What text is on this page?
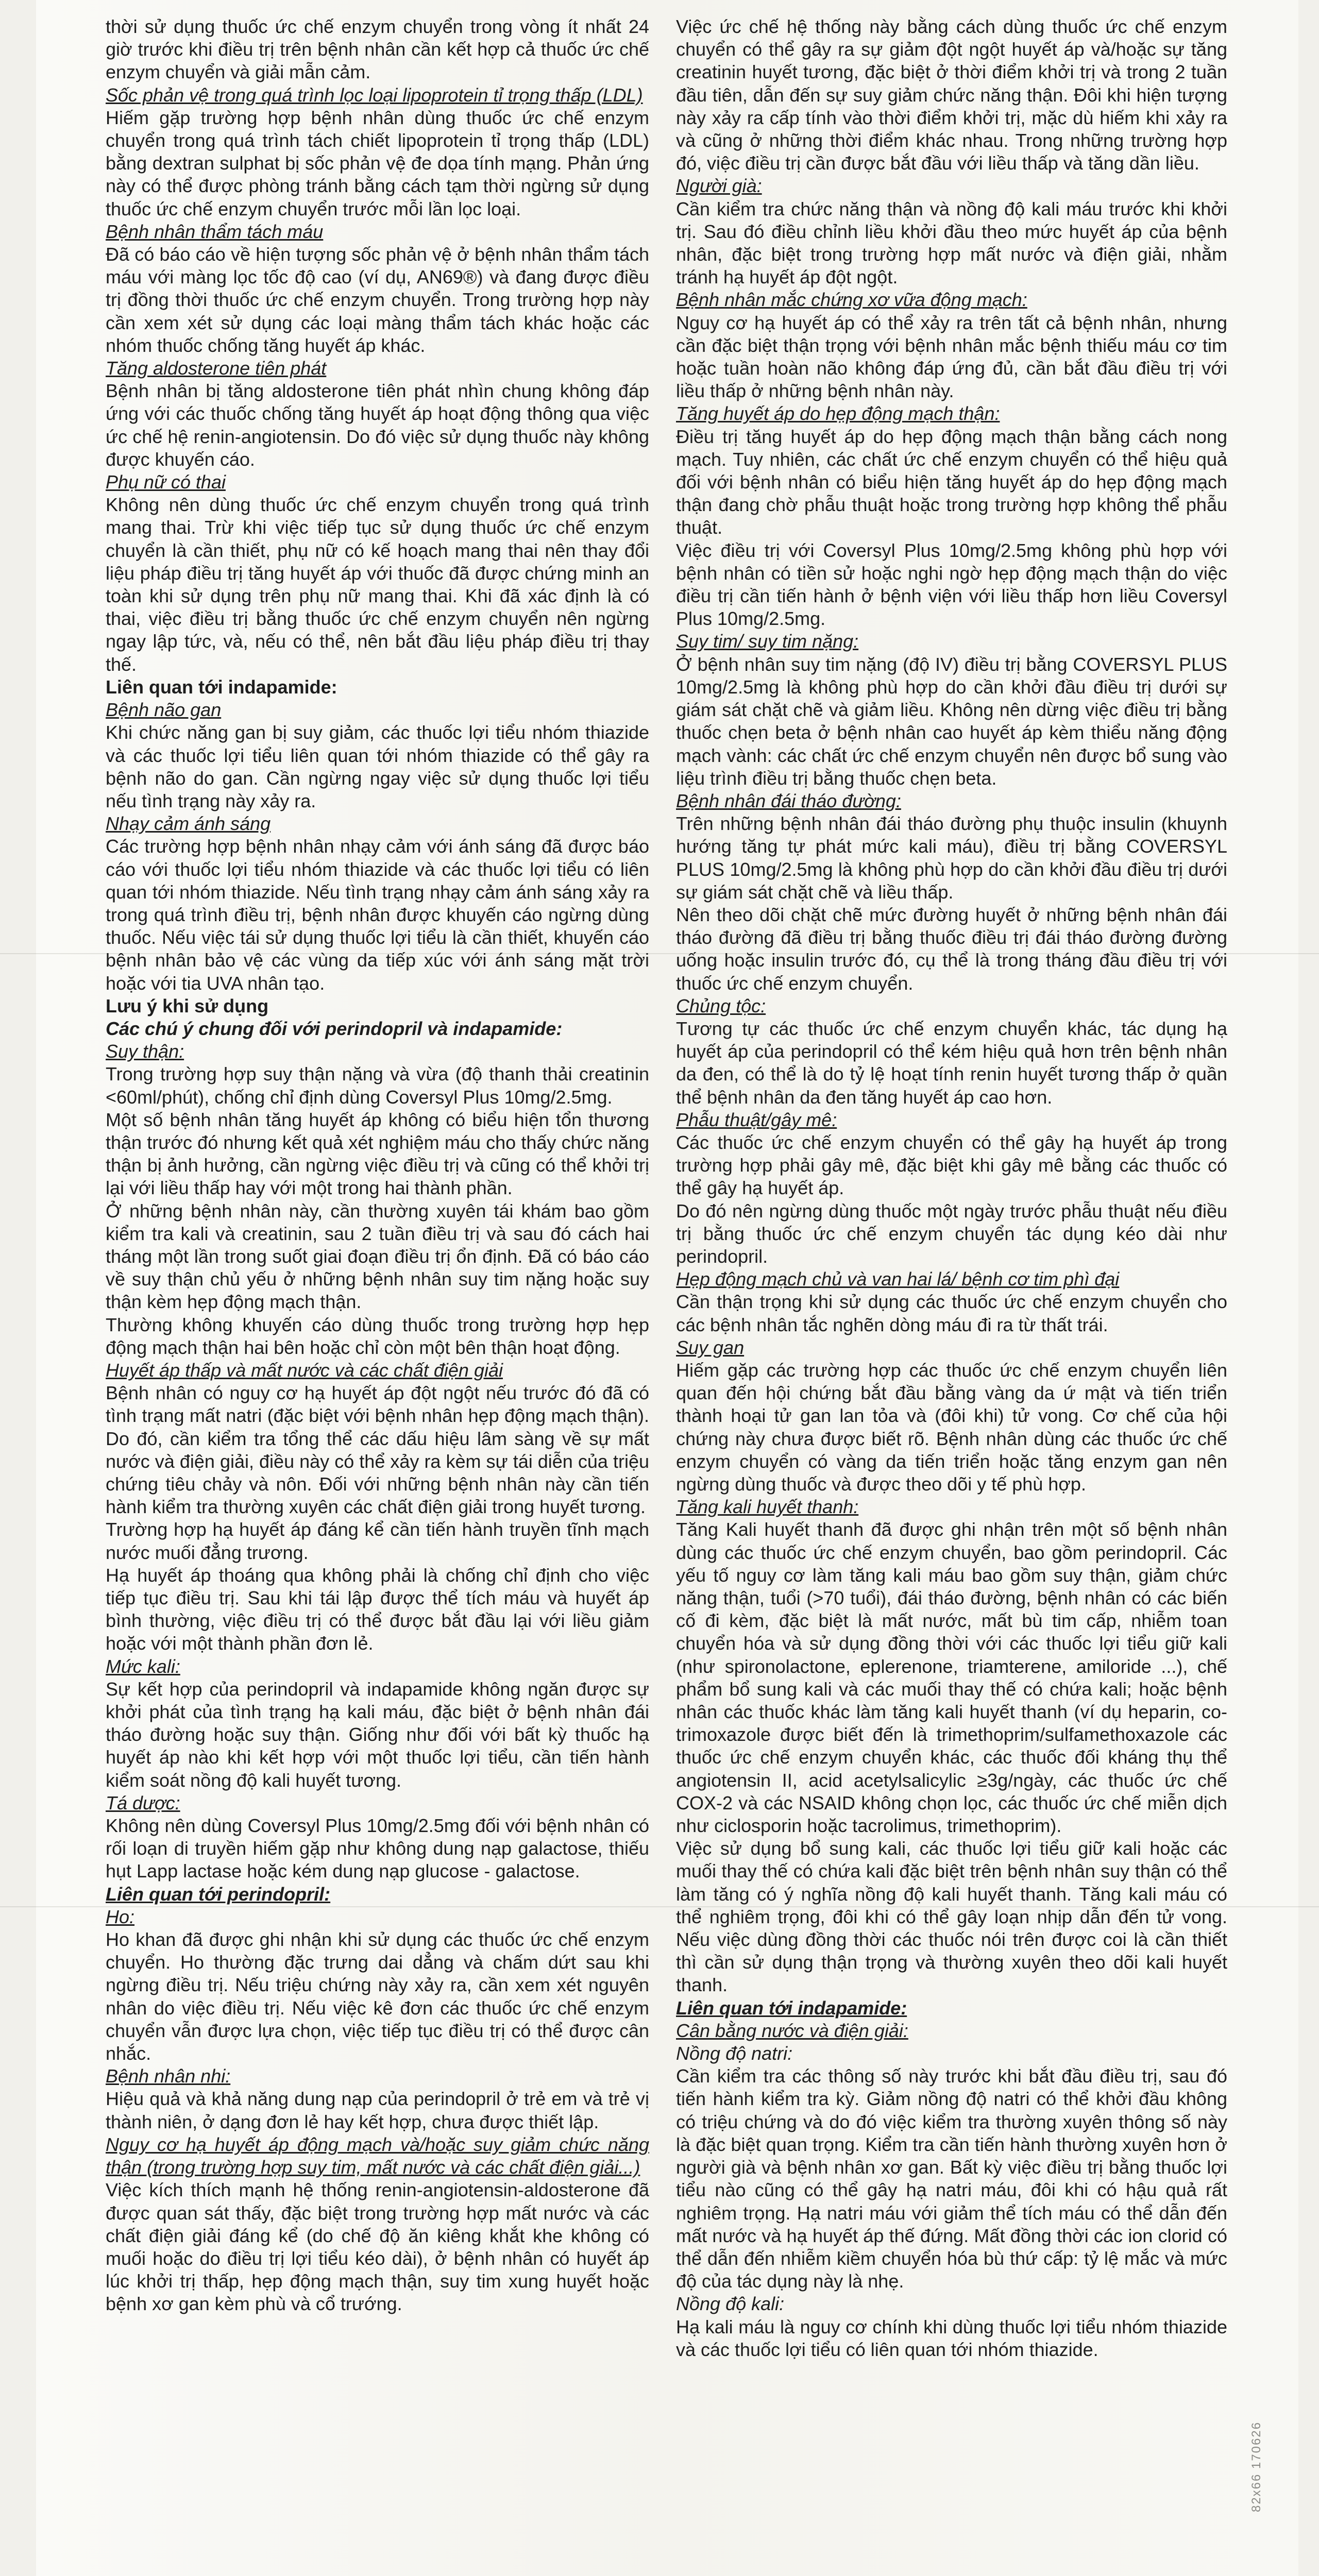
thời sử dụng thuốc ức chế enzym chuyển trong vòng ít nhất 24 giờ trước khi điều trị trên bệnh nhân cần kết hợp cả thuốc ức chế enzym chuyển và giải mẫn cảm.

Sốc phản vệ trong quá trình lọc loại lipoprotein tỉ trọng thấp (LDL)

Hiếm gặp trường hợp bệnh nhân dùng thuốc ức chế enzym chuyển trong quá trình tách chiết lipoprotein tỉ trọng thấp (LDL) bằng dextran sulphat bị sốc phản vệ đe dọa tính mạng. Phản ứng này có thể được phòng tránh bằng cách tạm thời ngừng sử dụng thuốc ức chế enzym chuyển trước mỗi lần lọc loại.

Bệnh nhân thẩm tách máu

Đã có báo cáo về hiện tượng sốc phản vệ ở bệnh nhân thẩm tách máu với màng lọc tốc độ cao (ví dụ, AN69®) và đang được điều trị đồng thời thuốc ức chế enzym chuyển. Trong trường hợp này cần xem xét sử dụng các loại màng thẩm tách khác hoặc các nhóm thuốc chống tăng huyết áp khác.

Tăng aldosterone tiên phát

Bệnh nhân bị tăng aldosterone tiên phát nhìn chung không đáp ứng với các thuốc chống tăng huyết áp hoạt động thông qua việc ức chế hệ renin-angiotensin. Do đó việc sử dụng thuốc này không được khuyến cáo.

Phụ nữ có thai

Không nên dùng thuốc ức chế enzym chuyển trong quá trình mang thai. Trừ khi việc tiếp tục sử dụng thuốc ức chế enzym chuyển là cần thiết, phụ nữ có kế hoạch mang thai nên thay đổi liệu pháp điều trị tăng huyết áp với thuốc đã được chứng minh an toàn khi sử dụng trên phụ nữ mang thai. Khi đã xác định là có thai, việc điều trị bằng thuốc ức chế enzym chuyển nên ngừng ngay lập tức, và, nếu có thể, nên bắt đầu liệu pháp điều trị thay thế.

Liên quan tới indapamide:

Bệnh não gan

Khi chức năng gan bị suy giảm, các thuốc lợi tiểu nhóm thiazide và các thuốc lợi tiểu liên quan tới nhóm thiazide có thể gây ra bệnh não do gan. Cần ngừng ngay việc sử dụng thuốc lợi tiểu nếu tình trạng này xảy ra.

Nhạy cảm ánh sáng

Các trường hợp bệnh nhân nhạy cảm với ánh sáng đã được báo cáo với thuốc lợi tiểu nhóm thiazide và các thuốc lợi tiểu có liên quan tới nhóm thiazide. Nếu tình trạng nhạy cảm ánh sáng xảy ra trong quá trình điều trị, bệnh nhân được khuyến cáo ngừng dùng thuốc. Nếu việc tái sử dụng thuốc lợi tiểu là cần thiết, khuyến cáo bệnh nhân bảo vệ các vùng da tiếp xúc với ánh sáng mặt trời hoặc với tia UVA nhân tạo.

Lưu ý khi sử dụng

Các chú ý chung đối với perindopril và indapamide:

Suy thận:

Trong trường hợp suy thận nặng và vừa (độ thanh thải creatinin <60ml/phút), chống chỉ định dùng Coversyl Plus 10mg/2.5mg.

Một số bệnh nhân tăng huyết áp không có biểu hiện tổn thương thận trước đó nhưng kết quả xét nghiệm máu cho thấy chức năng thận bị ảnh hưởng, cần ngừng việc điều trị và cũng có thể khởi trị lại với liều thấp hay với một trong hai thành phần.

Ở những bệnh nhân này, cần thường xuyên tái khám bao gồm kiểm tra kali và creatinin, sau 2 tuần điều trị và sau đó cách hai tháng một lần trong suốt giai đoạn điều trị ổn định. Đã có báo cáo về suy thận chủ yếu ở những bệnh nhân suy tim nặng hoặc suy thận kèm hẹp động mạch thận.

Thường không khuyến cáo dùng thuốc trong trường hợp hẹp động mạch thận hai bên hoặc chỉ còn một bên thận hoạt động.

Huyết áp thấp và mất nước và các chất điện giải

Bệnh nhân có nguy cơ hạ huyết áp đột ngột nếu trước đó đã có tình trạng mất natri (đặc biệt với bệnh nhân hẹp động mạch thận). Do đó, cần kiểm tra tổng thể các dấu hiệu lâm sàng về sự mất nước và điện giải, điều này có thể xảy ra kèm sự tái diễn của triệu chứng tiêu chảy và nôn. Đối với những bệnh nhân này cần tiến hành kiểm tra thường xuyên các chất điện giải trong huyết tương.

Trường hợp hạ huyết áp đáng kể cần tiến hành truyền tĩnh mạch nước muối đẳng trương.

Hạ huyết áp thoáng qua không phải là chống chỉ định cho việc tiếp tục điều trị. Sau khi tái lập được thể tích máu và huyết áp bình thường, việc điều trị có thể được bắt đầu lại với liều giảm hoặc với một thành phần đơn lẻ.

Mức kali:

Sự kết hợp của perindopril và indapamide không ngăn được sự khởi phát của tình trạng hạ kali máu, đặc biệt ở bệnh nhân đái tháo đường hoặc suy thận. Giống như đối với bất kỳ thuốc hạ huyết áp nào khi kết hợp với một thuốc lợi tiểu, cần tiến hành kiểm soát nồng độ kali huyết tương.

Tá dược:

Không nên dùng Coversyl Plus 10mg/2.5mg đối với bệnh nhân có rối loạn di truyền hiếm gặp như không dung nạp galactose, thiếu hụt Lapp lactase hoặc kém dung nạp glucose - galactose.

Liên quan tới perindopril:

Ho:

Ho khan đã được ghi nhận khi sử dụng các thuốc ức chế enzym chuyển. Ho thường đặc trưng dai dẳng và chấm dứt sau khi ngừng điều trị. Nếu triệu chứng này xảy ra, cần xem xét nguyên nhân do việc điều trị. Nếu việc kê đơn các thuốc ức chế enzym chuyển vẫn được lựa chọn, việc tiếp tục điều trị có thể được cân nhắc.

Bệnh nhân nhi:

Hiệu quả và khả năng dung nạp của perindopril ở trẻ em và trẻ vị thành niên, ở dạng đơn lẻ hay kết hợp, chưa được thiết lập.

Nguy cơ hạ huyết áp động mạch và/hoặc suy giảm chức năng thận (trong trường hợp suy tim, mất nước và các chất điện giải...)

Việc kích thích mạnh hệ thống renin-angiotensin-aldosterone đã được quan sát thấy, đặc biệt trong trường hợp mất nước và các chất điện giải đáng kể (do chế độ ăn kiêng khắt khe không có muối hoặc do điều trị lợi tiểu kéo dài), ở bệnh nhân có huyết áp lúc khởi trị thấp, hẹp động mạch thận, suy tim xung huyết hoặc bệnh xơ gan kèm phù và cổ trướng.

Việc ức chế hệ thống này bằng cách dùng thuốc ức chế enzym chuyển có thể gây ra sự giảm đột ngột huyết áp và/hoặc sự tăng creatinin huyết tương, đặc biệt ở thời điểm khởi trị và trong 2 tuần đầu tiên, dẫn đến sự suy giảm chức năng thận. Đôi khi hiện tượng này xảy ra cấp tính vào thời điểm khởi trị, mặc dù hiếm khi xảy ra và cũng ở những thời điểm khác nhau. Trong những trường hợp đó, việc điều trị cần được bắt đầu với liều thấp và tăng dần liều.

Người già:

Cần kiểm tra chức năng thận và nồng độ kali máu trước khi khởi trị. Sau đó điều chỉnh liều khởi đầu theo mức huyết áp của bệnh nhân, đặc biệt trong trường hợp mất nước và điện giải, nhằm tránh hạ huyết áp đột ngột.

Bệnh nhân mắc chứng xơ vữa động mạch:

Nguy cơ hạ huyết áp có thể xảy ra trên tất cả bệnh nhân, nhưng cần đặc biệt thận trọng với bệnh nhân mắc bệnh thiếu máu cơ tim hoặc tuần hoàn não không đáp ứng đủ, cần bắt đầu điều trị với liều thấp ở những bệnh nhân này.

Tăng huyết áp do hẹp động mạch thận:

Điều trị tăng huyết áp do hẹp động mạch thận bằng cách nong mạch. Tuy nhiên, các chất ức chế enzym chuyển có thể hiệu quả đối với bệnh nhân có biểu hiện tăng huyết áp do hẹp động mạch thận đang chờ phẫu thuật hoặc trong trường hợp không thể phẫu thuật.

Việc điều trị với Coversyl Plus 10mg/2.5mg không phù hợp với bệnh nhân có tiền sử hoặc nghi ngờ hẹp động mạch thận do việc điều trị cần tiến hành ở bệnh viện với liều thấp hơn liều Coversyl Plus 10mg/2.5mg.

Suy tim/ suy tim nặng:

Ở bệnh nhân suy tim nặng (độ IV) điều trị bằng COVERSYL PLUS 10mg/2.5mg là không phù hợp do cần khởi đầu điều trị dưới sự giám sát chặt chẽ và giảm liều. Không nên dừng việc điều trị bằng thuốc chẹn beta ở bệnh nhân cao huyết áp kèm thiểu năng động mạch vành: các chất ức chế enzym chuyển nên được bổ sung vào liệu trình điều trị bằng thuốc chẹn beta.

Bệnh nhân đái tháo đường:

Trên những bệnh nhân đái tháo đường phụ thuộc insulin (khuynh hướng tăng tự phát mức kali máu), điều trị bằng COVERSYL PLUS 10mg/2.5mg là không phù hợp do cần khởi đầu điều trị dưới sự giám sát chặt chẽ và liều thấp.

Nên theo dõi chặt chẽ mức đường huyết ở những bệnh nhân đái tháo đường đã điều trị bằng thuốc điều trị đái tháo đường đường uống hoặc insulin trước đó, cụ thể là trong tháng đầu điều trị với thuốc ức chế enzym chuyển.

Chủng tộc:

Tương tự các thuốc ức chế enzym chuyển khác, tác dụng hạ huyết áp của perindopril có thể kém hiệu quả hơn trên bệnh nhân da đen, có thể là do tỷ lệ hoạt tính renin huyết tương thấp ở quần thể bệnh nhân da đen tăng huyết áp cao hơn.

Phẫu thuật/gây mê:

Các thuốc ức chế enzym chuyển có thể gây hạ huyết áp trong trường hợp phải gây mê, đặc biệt khi gây mê bằng các thuốc có thể gây hạ huyết áp.

Do đó nên ngừng dùng thuốc một ngày trước phẫu thuật nếu điều trị bằng thuốc ức chế enzym chuyển tác dụng kéo dài như perindopril.

Hẹp động mạch chủ và van hai lá/ bệnh cơ tim phì đại

Cần thận trọng khi sử dụng các thuốc ức chế enzym chuyển cho các bệnh nhân tắc nghẽn dòng máu đi ra từ thất trái.

Suy gan

Hiếm gặp các trường hợp các thuốc ức chế enzym chuyển liên quan đến hội chứng bắt đầu bằng vàng da ứ mật và tiến triển thành hoại tử gan lan tỏa và (đôi khi) tử vong. Cơ chế của hội chứng này chưa được biết rõ. Bệnh nhân dùng các thuốc ức chế enzym chuyển có vàng da tiến triển hoặc tăng enzym gan nên ngừng dùng thuốc và được theo dõi y tế phù hợp.

Tăng kali huyết thanh:

Tăng Kali huyết thanh đã được ghi nhận trên một số bệnh nhân dùng các thuốc ức chế enzym chuyển, bao gồm perindopril. Các yếu tố nguy cơ làm tăng kali máu bao gồm suy thận, giảm chức năng thận, tuổi (>70 tuổi), đái tháo đường, bệnh nhân có các biến cố đi kèm, đặc biệt là mất nước, mất bù tim cấp, nhiễm toan chuyển hóa và sử dụng đồng thời với các thuốc lợi tiểu giữ kali (như spironolactone, eplerenone, triamterene, amiloride ...), chế phẩm bổ sung kali và các muối thay thế có chứa kali; hoặc bệnh nhân các thuốc khác làm tăng kali huyết thanh (ví dụ heparin, co-trimoxazole được biết đến là trimethoprim/sulfamethoxazole các thuốc ức chế enzym chuyển khác, các thuốc đối kháng thụ thể angiotensin II, acid acetylsalicylic ≥3g/ngày, các thuốc ức chế COX-2 và các NSAID không chọn lọc, các thuốc ức chế miễn dịch như ciclosporin hoặc tacrolimus, trimethoprim).

Việc sử dụng bổ sung kali, các thuốc lợi tiểu giữ kali hoặc các muối thay thế có chứa kali đặc biệt trên bệnh nhân suy thận có thể làm tăng có ý nghĩa nồng độ kali huyết thanh. Tăng kali máu có thể nghiêm trọng, đôi khi có thể gây loạn nhịp dẫn đến tử vong. Nếu việc dùng đồng thời các thuốc nói trên được coi là cần thiết thì cần sử dụng thận trọng và thường xuyên theo dõi kali huyết thanh.

Liên quan tới indapamide:

Cân bằng nước và điện giải:

Nồng độ natri:

Cần kiểm tra các thông số này trước khi bắt đầu điều trị, sau đó tiến hành kiểm tra kỳ. Giảm nồng độ natri có thể khởi đầu không có triệu chứng và do đó việc kiểm tra thường xuyên thông số này là đặc biệt quan trọng. Kiểm tra cần tiến hành thường xuyên hơn ở người già và bệnh nhân xơ gan. Bất kỳ việc điều trị bằng thuốc lợi tiểu nào cũng có thể gây hạ natri máu, đôi khi có hậu quả rất nghiêm trọng. Hạ natri máu với giảm thể tích máu có thể dẫn đến mất nước và hạ huyết áp thế đứng. Mất đồng thời các ion clorid có thể dẫn đến nhiễm kiềm chuyển hóa bù thứ cấp: tỷ lệ mắc và mức độ của tác dụng này là nhẹ.

Nồng độ kali:

Hạ kali máu là nguy cơ chính khi dùng thuốc lợi tiểu nhóm thiazide và các thuốc lợi tiểu có liên quan tới nhóm thiazide.

82x66 170626
